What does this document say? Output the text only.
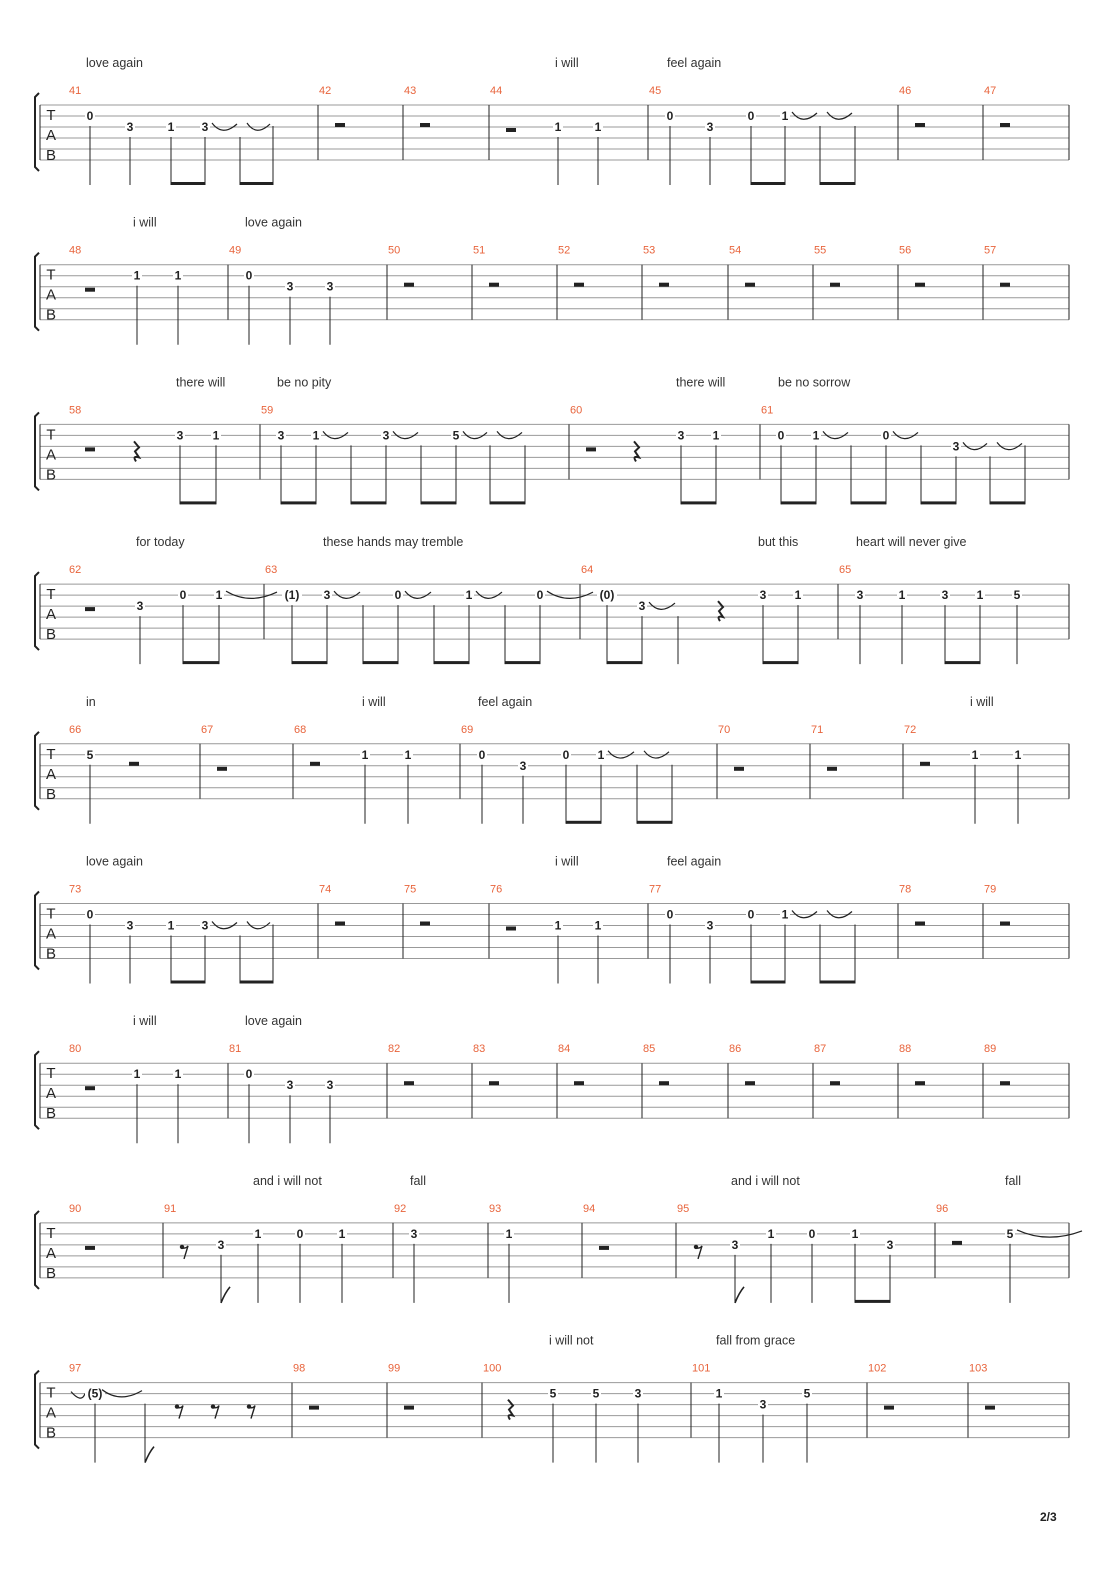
T
A
B
love again	i will	feel again
41
0
3	1 3
42	43	44
1	1
45
0
3
0 1
46	47
T
A
B
i will	love again
48
1	1
49
0
3	3
50	51	52	53	54	55	56	57
T
A
B
there will	be no pity	there will	be no sorrow
58
3 1
59
3 1	3	5
60
3 1
61
0 1	0
3
T
A
B
for today	these hands may tremble	but this	heart will never give
62
3
0 1
63
(1) 3	0	1	0
64
(0)
3
3 1
65
3	1	3 1	5
T
A
B
in	i will	feel again	i will
66
5
67	68
1	1
69
0
3
0 1
70	71	72
1	1
T
A
B
love again	i will	feel again
73
0
3	1 3
74	75	76
1	1
77
0
3
0 1
78	79
T
A
B
i will	love again
80
1	1
81
0
3	3
82	83	84	85	86	87	88	89
T
A
B
and i will not	fall	and i will not	fall
90	91
3
1	0	1
92
3
93
1
94	95
3
1	0	1
3
96
5
T
A
B
i will not	fall from grace
97
(5)
98	99	100
5	5	3
101
1
3
5
102	103
2/3
